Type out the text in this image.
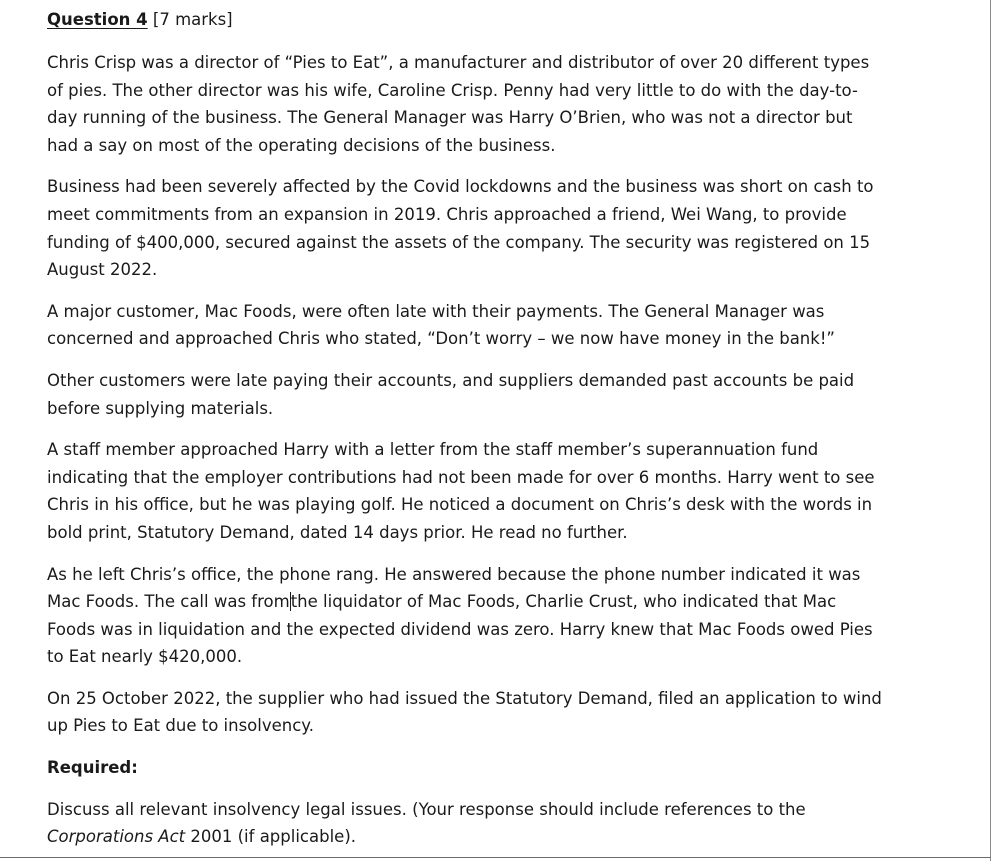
Question 4 [7 marks]

Chris Crisp was a director of “Pies to Eat”, a manufacturer and distributor of over 20 different types
of pies. The other director was his wife, Caroline Crisp. Penny had very little to do with the day-to-
day running of the business. The General Manager was Harry O’Brien, who was not a director but
had a say on most of the operating decisions of the business.

Business had been severely affected by the Covid lockdowns and the business was short on cash to
meet commitments from an expansion in 2019. Chris approached a friend, Wei Wang, to provide
funding of $400,000, secured against the assets of the company. The security was registered on 15
August 2022.

A major customer, Mac Foods, were often late with their payments. The General Manager was
concerned and approached Chris who stated, “Don’t worry – we now have money in the bank!”

Other customers were late paying their accounts, and suppliers demanded past accounts be paid
before supplying materials.

A staff member approached Harry with a letter from the staff member’s superannuation fund
indicating that the employer contributions had not been made for over 6 months. Harry went to see
Chris in his office, but he was playing golf. He noticed a document on Chris’s desk with the words in
bold print, Statutory Demand, dated 14 days prior. He read no further.

As he left Chris’s office, the phone rang. He answered because the phone number indicated it was
Mac Foods. The call was fromthe liquidator of Mac Foods, Charlie Crust, who indicated that Mac
Foods was in liquidation and the expected dividend was zero. Harry knew that Mac Foods owed Pies
to Eat nearly $420,000.

On 25 October 2022, the supplier who had issued the Statutory Demand, filed an application to wind
up Pies to Eat due to insolvency.

Required:

Discuss all relevant insolvency legal issues. (Your response should include references to the
Corporations Act 2001 (if applicable).
